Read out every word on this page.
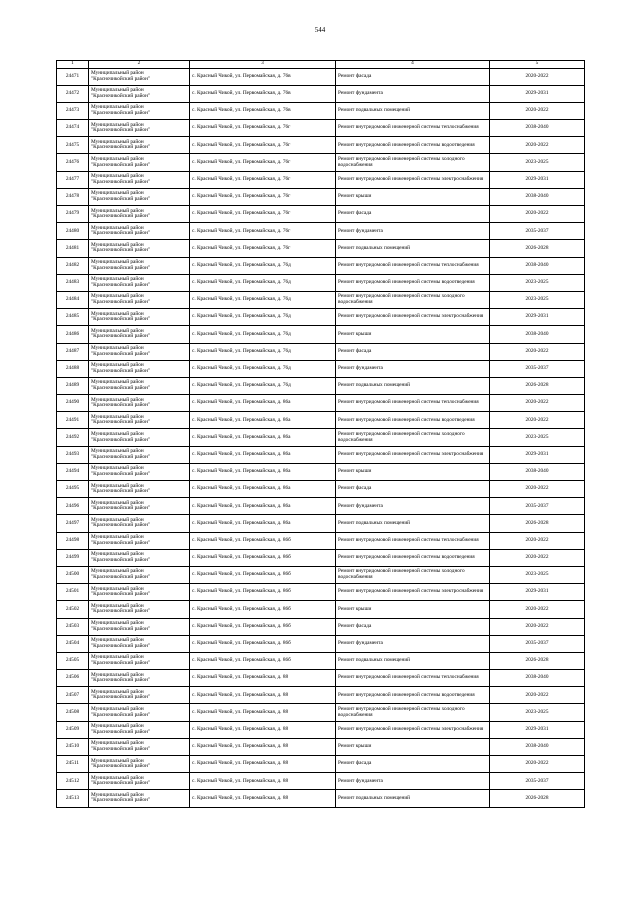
544
1	2	3	4	5
24471	Муниципальный район "Красночикойский район"	с. Красный Чикой, ул. Первомайская, д. 76в	Ремонт фасада	2020-2022
24472	Муниципальный район "Красночикойский район"	с. Красный Чикой, ул. Первомайская, д. 76в	Ремонт фундамента	2029-2031
24473	Муниципальный район "Красночикойский район"	с. Красный Чикой, ул. Первомайская, д. 76в	Ремонт подвальных помещений	2020-2022
24474	Муниципальный район "Красночикойский район"	с. Красный Чикой, ул. Первомайская, д. 76г	Ремонт внутридомовой инженерной системы теплоснабжения	2038-2040
24475	Муниципальный район "Красночикойский район"	с. Красный Чикой, ул. Первомайская, д. 76г	Ремонт внутридомовой инженерной системы водоотведения	2020-2022
24476	Муниципальный район "Красночикойский район"	с. Красный Чикой, ул. Первомайская, д. 76г	Ремонт внутридомовой инженерной системы холодного водоснабжения	2023-2025
24477	Муниципальный район "Красночикойский район"	с. Красный Чикой, ул. Первомайская, д. 76г	Ремонт внутридомовой инженерной системы электроснабжения	2029-2031
24478	Муниципальный район "Красночикойский район"	с. Красный Чикой, ул. Первомайская, д. 76г	Ремонт крыши	2038-2040
24479	Муниципальный район "Красночикойский район"	с. Красный Чикой, ул. Первомайская, д. 76г	Ремонт фасада	2020-2022
24480	Муниципальный район "Красночикойский район"	с. Красный Чикой, ул. Первомайская, д. 76г	Ремонт фундамента	2035-2037
24481	Муниципальный район "Красночикойский район"	с. Красный Чикой, ул. Первомайская, д. 76г	Ремонт подвальных помещений	2026-2028
24482	Муниципальный район "Красночикойский район"	с. Красный Чикой, ул. Первомайская, д. 76д	Ремонт внутридомовой инженерной системы теплоснабжения	2038-2040
24483	Муниципальный район "Красночикойский район"	с. Красный Чикой, ул. Первомайская, д. 76д	Ремонт внутридомовой инженерной системы водоотведения	2023-2025
24484	Муниципальный район "Красночикойский район"	с. Красный Чикой, ул. Первомайская, д. 76д	Ремонт внутридомовой инженерной системы холодного водоснабжения	2023-2025
24485	Муниципальный район "Красночикойский район"	с. Красный Чикой, ул. Первомайская, д. 76д	Ремонт внутридомовой инженерной системы электроснабжения	2029-2031
24486	Муниципальный район "Красночикойский район"	с. Красный Чикой, ул. Первомайская, д. 76д	Ремонт крыши	2038-2040
24487	Муниципальный район "Красночикойский район"	с. Красный Чикой, ул. Первомайская, д. 76д	Ремонт фасада	2020-2022
24488	Муниципальный район "Красночикойский район"	с. Красный Чикой, ул. Первомайская, д. 76д	Ремонт фундамента	2035-2037
24489	Муниципальный район "Красночикойский район"	с. Красный Чикой, ул. Первомайская, д. 76д	Ремонт подвальных помещений	2026-2028
24490	Муниципальный район "Красночикойский район"	с. Красный Чикой, ул. Первомайская, д. 86а	Ремонт внутридомовой инженерной системы теплоснабжения	2020-2022
24491	Муниципальный район "Красночикойский район"	с. Красный Чикой, ул. Первомайская, д. 86а	Ремонт внутридомовой инженерной системы водоотведения	2020-2022
24492	Муниципальный район "Красночикойский район"	с. Красный Чикой, ул. Первомайская, д. 86а	Ремонт внутридомовой инженерной системы холодного водоснабжения	2023-2025
24493	Муниципальный район "Красночикойский район"	с. Красный Чикой, ул. Первомайская, д. 86а	Ремонт внутридомовой инженерной системы электроснабжения	2029-2031
24494	Муниципальный район "Красночикойский район"	с. Красный Чикой, ул. Первомайская, д. 86а	Ремонт крыши	2038-2040
24495	Муниципальный район "Красночикойский район"	с. Красный Чикой, ул. Первомайская, д. 86а	Ремонт фасада	2020-2022
24496	Муниципальный район "Красночикойский район"	с. Красный Чикой, ул. Первомайская, д. 86а	Ремонт фундамента	2035-2037
24497	Муниципальный район "Красночикойский район"	с. Красный Чикой, ул. Первомайская, д. 86а	Ремонт подвальных помещений	2026-2028
24498	Муниципальный район "Красночикойский район"	с. Красный Чикой, ул. Первомайская, д. 86б	Ремонт внутридомовой инженерной системы теплоснабжения	2020-2022
24499	Муниципальный район "Красночикойский район"	с. Красный Чикой, ул. Первомайская, д. 86б	Ремонт внутридомовой инженерной системы водоотведения	2020-2022
24500	Муниципальный район "Красночикойский район"	с. Красный Чикой, ул. Первомайская, д. 86б	Ремонт внутридомовой инженерной системы холодного водоснабжения	2023-2025
24501	Муниципальный район "Красночикойский район"	с. Красный Чикой, ул. Первомайская, д. 86б	Ремонт внутридомовой инженерной системы электроснабжения	2029-2031
24502	Муниципальный район "Красночикойский район"	с. Красный Чикой, ул. Первомайская, д. 86б	Ремонт крыши	2020-2022
24503	Муниципальный район "Красночикойский район"	с. Красный Чикой, ул. Первомайская, д. 86б	Ремонт фасада	2020-2022
24504	Муниципальный район "Красночикойский район"	с. Красный Чикой, ул. Первомайская, д. 86б	Ремонт фундамента	2035-2037
24505	Муниципальный район "Красночикойский район"	с. Красный Чикой, ул. Первомайская, д. 86б	Ремонт подвальных помещений	2026-2028
24506	Муниципальный район "Красночикойский район"	с. Красный Чикой, ул. Первомайская, д. 88	Ремонт внутридомовой инженерной системы теплоснабжения	2038-2040
24507	Муниципальный район "Красночикойский район"	с. Красный Чикой, ул. Первомайская, д. 88	Ремонт внутридомовой инженерной системы водоотведения	2020-2022
24508	Муниципальный район "Красночикойский район"	с. Красный Чикой, ул. Первомайская, д. 88	Ремонт внутридомовой инженерной системы холодного водоснабжения	2023-2025
24509	Муниципальный район "Красночикойский район"	с. Красный Чикой, ул. Первомайская, д. 88	Ремонт внутридомовой инженерной системы электроснабжения	2029-2031
24510	Муниципальный район "Красночикойский район"	с. Красный Чикой, ул. Первомайская, д. 88	Ремонт крыши	2038-2040
24511	Муниципальный район "Красночикойский район"	с. Красный Чикой, ул. Первомайская, д. 88	Ремонт фасада	2020-2022
24512	Муниципальный район "Красночикойский район"	с. Красный Чикой, ул. Первомайская, д. 88	Ремонт фундамента	2035-2037
24513	Муниципальный район "Красночикойский район"	с. Красный Чикой, ул. Первомайская, д. 88	Ремонт подвальных помещений	2026-2028
